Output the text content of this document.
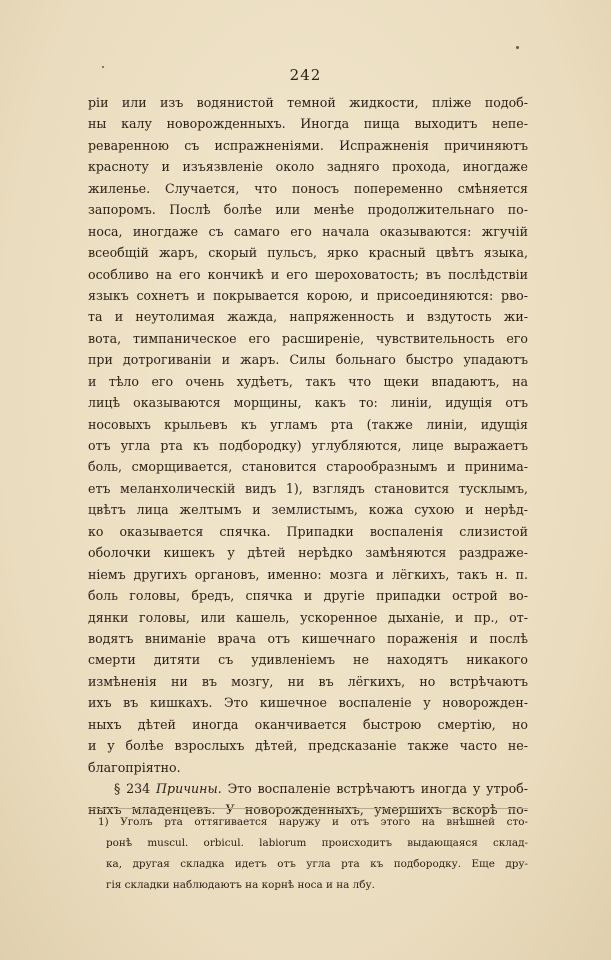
242
ріи или изъ водянистой темной жидкости, пліже подоб-
ны калу новорожденныхъ. Иногда пища выходитъ непе-
реваренною съ испражненіями. Испражненія причиняютъ
краснoту и изъязвленіе около задняго прохода, иногдаже
жиленье. Случается, что поносъ попеременно смѣняется
запоромъ. Послѣ болѣе или менѣе продолжительнаго по-
носа, иногдаже съ самаго его начала оказываются: жгучій
всеобщій жаръ, скорый пульсъ, ярко красный цвѣтъ языка,
особливо на его кончикѣ и его шероховатость; въ послѣдствіи
языкъ сохнетъ и покрывается корою, и присоединяются: рво-
та и неутолимая жажда, напряженность и вздутость жи-
вота, тимпаническое его расширеніе, чувствительность его
при дотрогиваніи и жаръ. Силы больнаго быстро упадаютъ
и тѣло его очень худѣетъ, такъ что щеки впадаютъ, на
лицѣ оказываются морщины, какъ то: линіи, идущія отъ
носовыхъ крыльевъ къ угламъ рта (также линіи, идущія
отъ угла рта къ подбородку) углубляются, лице выражаетъ
боль, сморщивается, становится старообразнымъ и принима-
етъ меланхолическій видъ 1), взглядъ становится тусклымъ,
цвѣтъ лица желтымъ и землистымъ, кожа сухою и нерѣд-
ко оказывается спячка. Припадки воспаленія слизистой
оболочки кишекъ у дѣтей нерѣдко замѣняются раздраже-
ніемъ другихъ органовъ, именно: мозга и лёгкихъ, такъ н. п.
боль головы, бредъ, спячка и другіе припадки острой во-
дянки головы, или кашель, ускоренное дыханіе, и пр., от-
водятъ вниманіе врача отъ кишечнаго пораженія и послѣ
смерти дитяти съ удивленіемъ не находятъ никакого
измѣненія ни въ мозгу, ни въ лёгкихъ, но встрѣчаютъ
ихъ въ кишкахъ. Это кишечное воспаленіе у новорожден-
ныхъ дѣтей иногда оканчивается быстрою смертію, но
и у болѣе взрослыхъ дѣтей, предсказаніе также часто не-
благопріятно.
§ 234 Причины. Это воспаленіе встрѣчаютъ иногда у утроб-
ныхъ младенцевъ. У новорожденныхъ, умершихъ вскорѣ по-
1) Уголъ рта оттягивается наружу и отъ этого на внѣшней сто-
ронѣ muscul. orbicul. labiorum происходитъ выдающаяся склад-
ка, другая складка идетъ отъ угла рта къ подбородку. Еще дру-
гія складки наблюдаютъ на корнѣ носа и на лбу.
